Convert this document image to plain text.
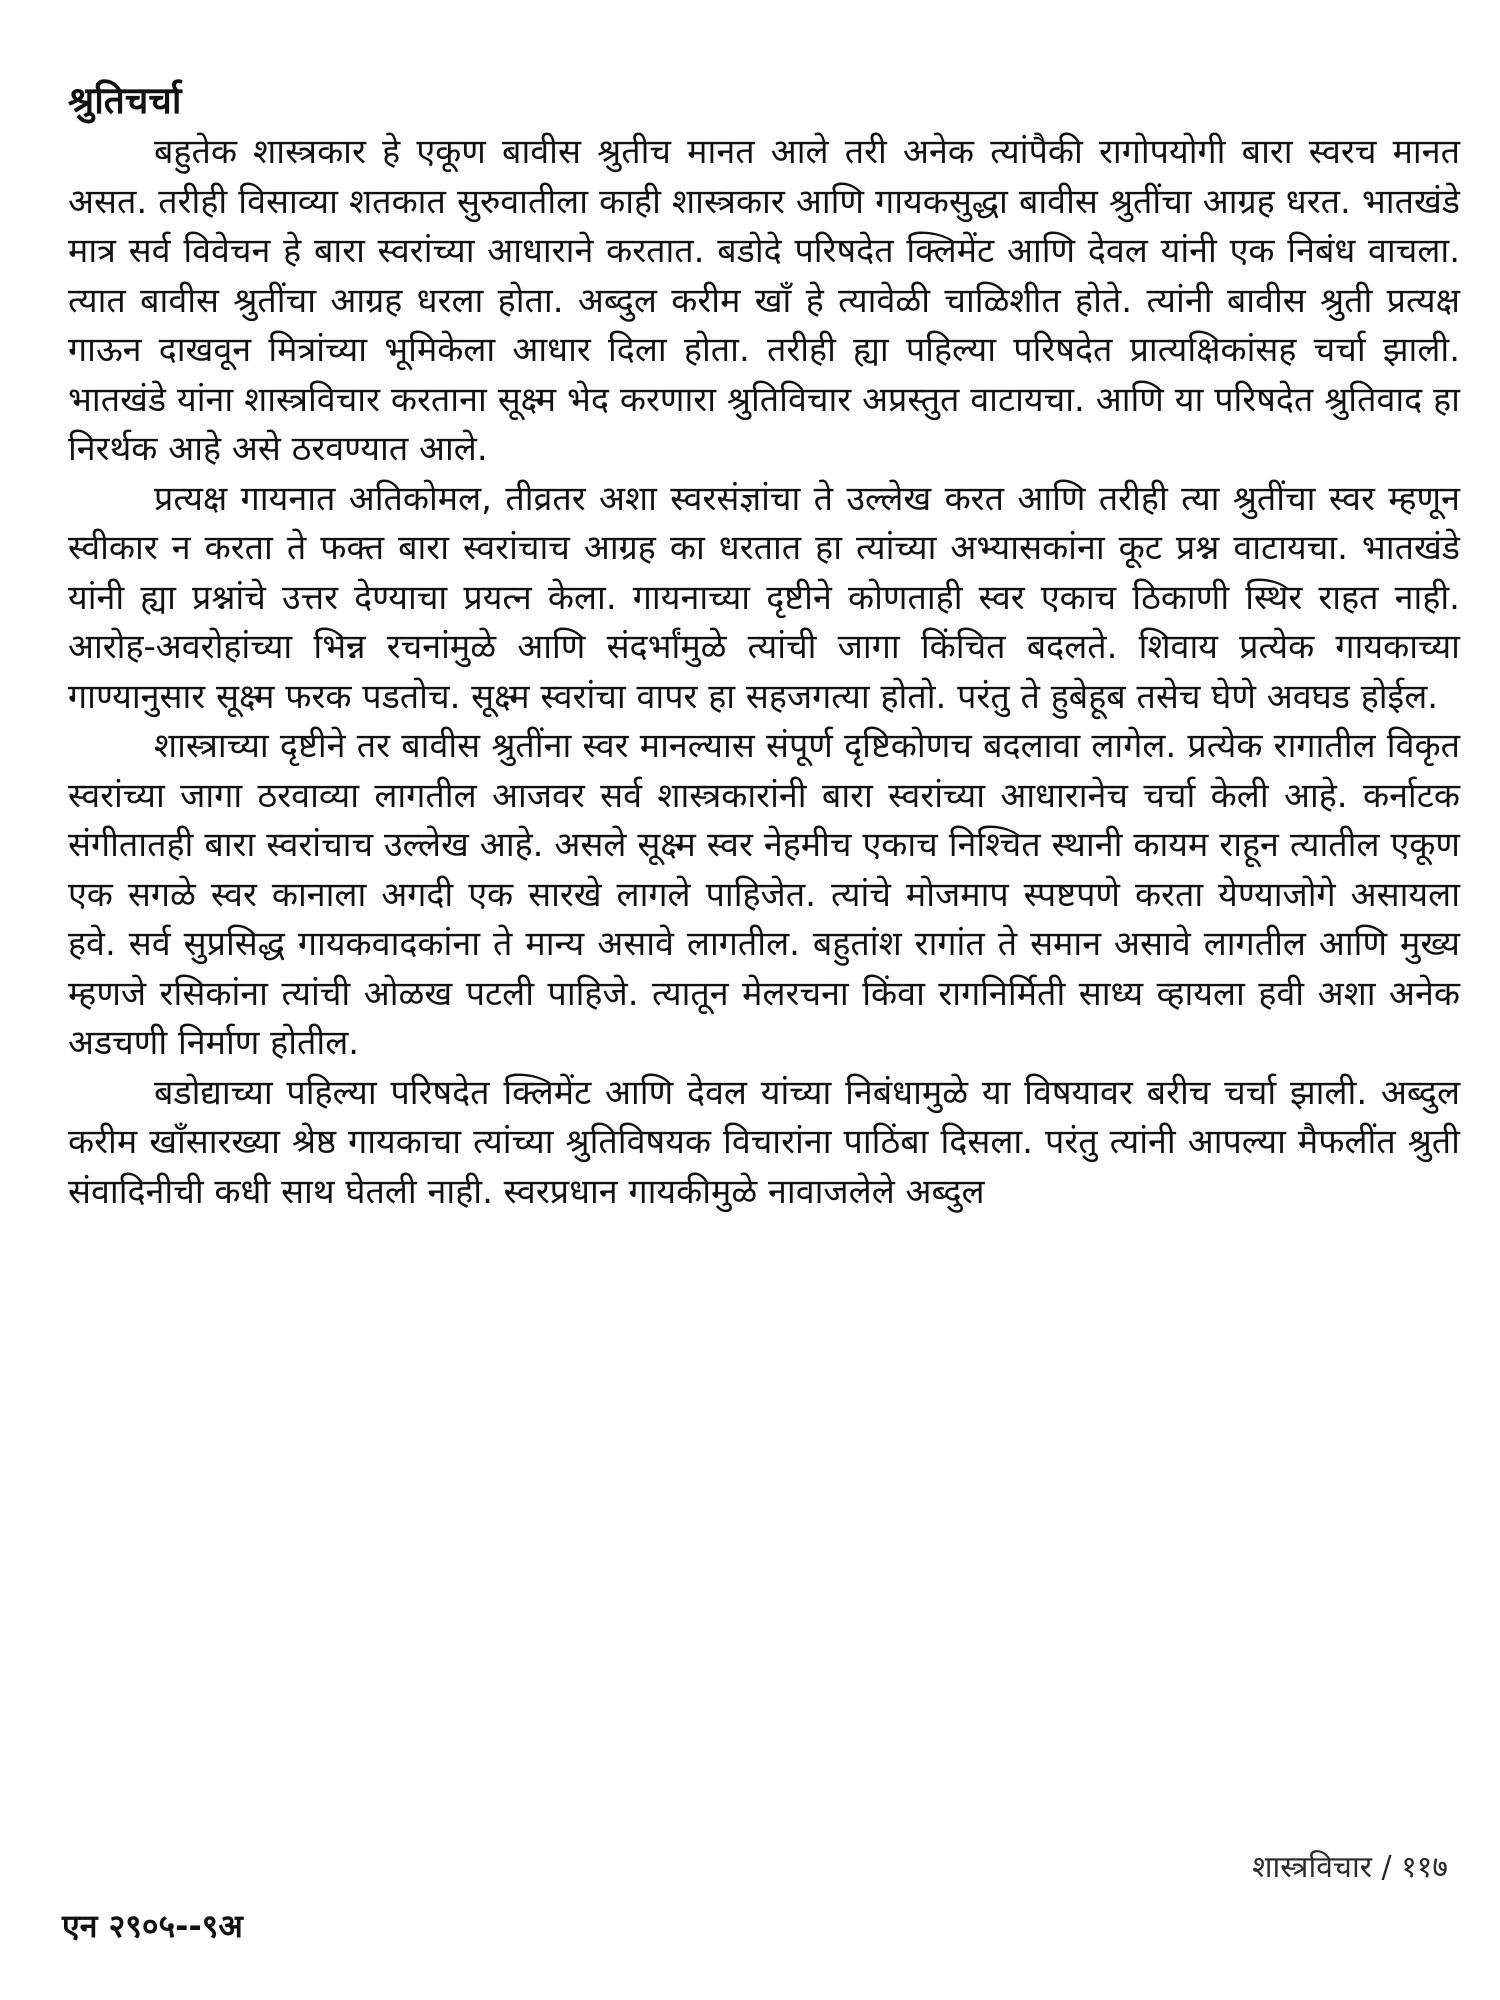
श्रुतिचर्चा

बहुतेक शास्त्रकार हे एकूण बावीस श्रुतीच मानत आले तरी अनेक त्यांपैकी रागोपयोगी बारा स्वरच मानत असत. तरीही विसाव्या शतकात सुरुवातीला काही शास्त्रकार आणि गायकसुद्धा बावीस श्रुतींचा आग्रह धरत. भातखंडे मात्र सर्व विवेचन हे बारा स्वरांच्या आधाराने करतात. बडोदे परिषदेत क्लिमेंट आणि देवल यांनी एक निबंध वाचला. त्यात बावीस श्रुतींचा आग्रह धरला होता. अब्दुल करीम खाँ हे त्यावेळी चाळिशीत होते. त्यांनी बावीस श्रुती प्रत्यक्ष गाऊन दाखवून मित्रांच्या भूमिकेला आधार दिला होता. तरीही ह्या पहिल्या परिषदेत प्रात्यक्षिकांसह चर्चा झाली. भातखंडे यांना शास्त्रविचार करताना सूक्ष्म भेद करणारा श्रुतिविचार अप्रस्तुत वाटायचा. आणि या परिषदेत श्रुतिवाद हा निरर्थक आहे असे ठरवण्यात आले.

प्रत्यक्ष गायनात अतिकोमल, तीव्रतर अशा स्वरसंज्ञांचा ते उल्लेख करत आणि तरीही त्या श्रुतींचा स्वर म्हणून स्वीकार न करता ते फक्त बारा स्वरांचाच आग्रह का धरतात हा त्यांच्या अभ्यासकांना कूट प्रश्न वाटायचा. भातखंडे यांनी ह्या प्रश्नांचे उत्तर देण्याचा प्रयत्न केला. गायनाच्या दृष्टीने कोणताही स्वर एकाच ठिकाणी स्थिर राहत नाही. आरोह-अवरोहांच्या भिन्न रचनांमुळे आणि संदर्भांमुळे त्यांची जागा किंचित बदलते. शिवाय प्रत्येक गायकाच्या गाण्यानुसार सूक्ष्म फरक पडतोच. सूक्ष्म स्वरांचा वापर हा सहजगत्या होतो. परंतु ते हुबेहूब तसेच घेणे अवघड होईल.

शास्त्राच्या दृष्टीने तर बावीस श्रुतींना स्वर मानल्यास संपूर्ण दृष्टिकोणच बदलावा लागेल. प्रत्येक रागातील विकृत स्वरांच्या जागा ठरवाव्या लागतील आजवर सर्व शास्त्रकारांनी बारा स्वरांच्या आधारानेच चर्चा केली आहे. कर्नाटक संगीतातही बारा स्वरांचाच उल्लेख आहे. असले सूक्ष्म स्वर नेहमीच एकाच निश्चित स्थानी कायम राहून त्यातील एकूण एक सगळे स्वर कानाला अगदी एक सारखे लागले पाहिजेत. त्यांचे मोजमाप स्पष्टपणे करता येण्याजोगे असायला हवे. सर्व सुप्रसिद्ध गायकवादकांना ते मान्य असावे लागतील. बहुतांश रागांत ते समान असावे लागतील आणि मुख्य म्हणजे रसिकांना त्यांची ओळख पटली पाहिजे. त्यातून मेलरचना किंवा रागनिर्मिती साध्य व्हायला हवी अशा अनेक अडचणी निर्माण होतील.

बडोद्याच्या पहिल्या परिषदेत क्लिमेंट आणि देवल यांच्या निबंधामुळे या विषयावर बरीच चर्चा झाली. अब्दुल करीम खाँसारख्या श्रेष्ठ गायकाचा त्यांच्या श्रुतिविषयक विचारांना पाठिंबा दिसला. परंतु त्यांनी आपल्या मैफलींत श्रुती संवादिनीची कधी साथ घेतली नाही. स्वरप्रधान गायकीमुळे नावाजलेले अब्दुल

शास्त्रविचार / ११७
एन २९०५--९अ
